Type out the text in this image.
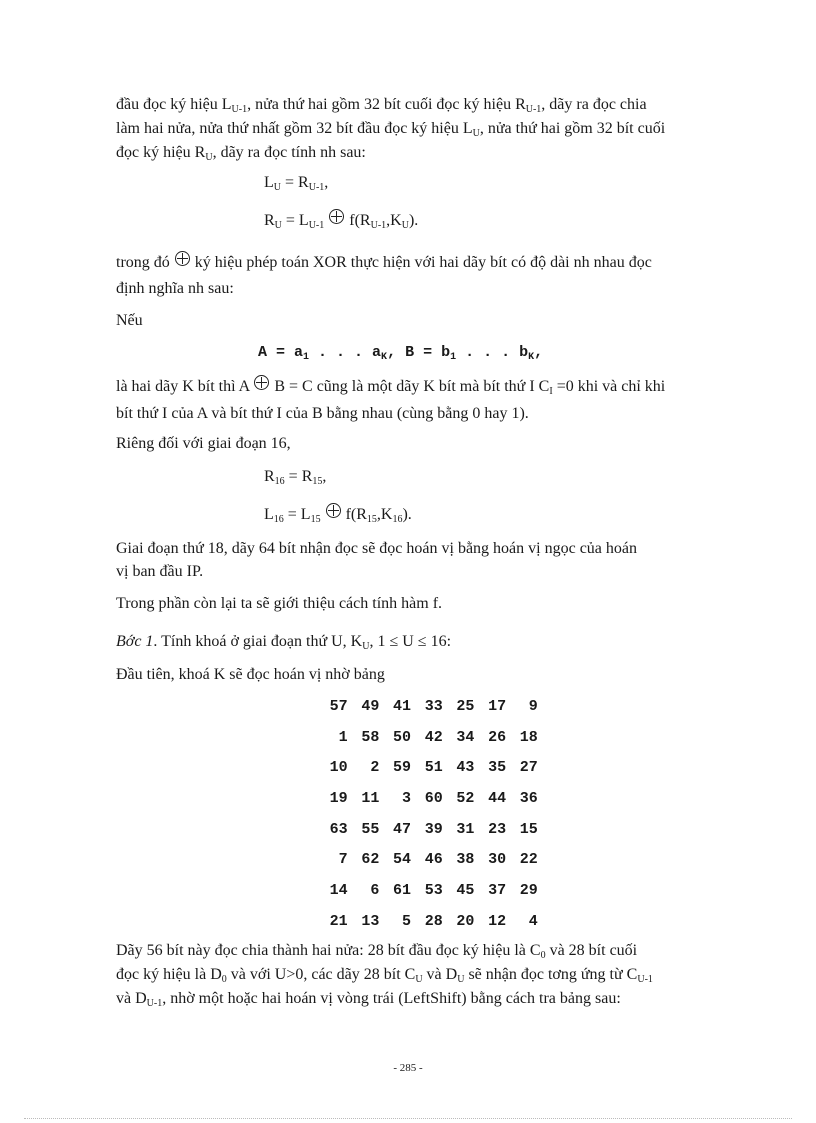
đầu đọc ký hiệu $L_{U-1}$, nửa thứ hai gồm 32 bít cuối đọc ký hiệu $R_{U-1}$, dãy ra đọc chia
làm hai nửa, nửa thứ nhất gồm 32 bít đầu đọc ký hiệu $L_U$, nửa thứ hai gồm 32 bít cuối
đọc ký hiệu $R_U$, dãy ra đọc tính nh sau:
$L_U = R_{U-1}$,
$R_U = L_{U-1}$  $f(R_{U-1},K_U)$.
trong đó  ký hiệu phép toán XOR thực hiện với hai dãy bít có độ dài nh nhau đọc
định nghĩa nh sau:
Nếu
$A = a_1$ . . . $a_K$, $B = b_1$ . . . $b_K$,
là hai dãy K bít thì A  B = C cũng là một dãy K bít mà bít thứ I $C_I =0$ khi và chỉ khi
bít thứ I của A và bít thứ I của B bằng nhau (cùng bằng 0 hay 1).
Riêng đối với giai đoạn 16,
$R_{16} = R_{15}$,
$L_{16} = L_{15}$  $f(R_{15},K_{16})$.
Giai đoạn thứ 18, dãy 64 bít nhận đọc sẽ đọc hoán vị bằng hoán vị ngọc của hoán
vị ban đầu IP.
Trong phần còn lại ta sẽ giới thiệu cách tính hàm f.
Bớc 1. Tính khoá ở giai đoạn thứ U, $K_U$, 1 ≤ U ≤ 16:
Đầu tiên, khoá K sẽ đọc hoán vị nhờ bảng
57 49 41 33 25 17 9
1 58 50 42 34 26 18
10 2 59 51 43 35 27
19 11 3 60 52 44 36
63 55 47 39 31 23 15
7 62 54 46 38 30 22
14 6 61 53 45 37 29
21 13 5 28 20 12 4
Dãy 56 bít này đọc chia thành hai nửa: 28 bít đầu đọc ký hiệu là $C_0$ và 28 bít cuối
đọc ký hiệu là $D_0$ và với U>0, các dãy 28 bít $C_U$ và $D_U$ sẽ nhận đọc tơng ứng từ $C_{U-1}$
và $D_{U-1}$, nhờ một hoặc hai hoán vị vòng trái (LeftShift) bằng cách tra bảng sau:
- 285 -
